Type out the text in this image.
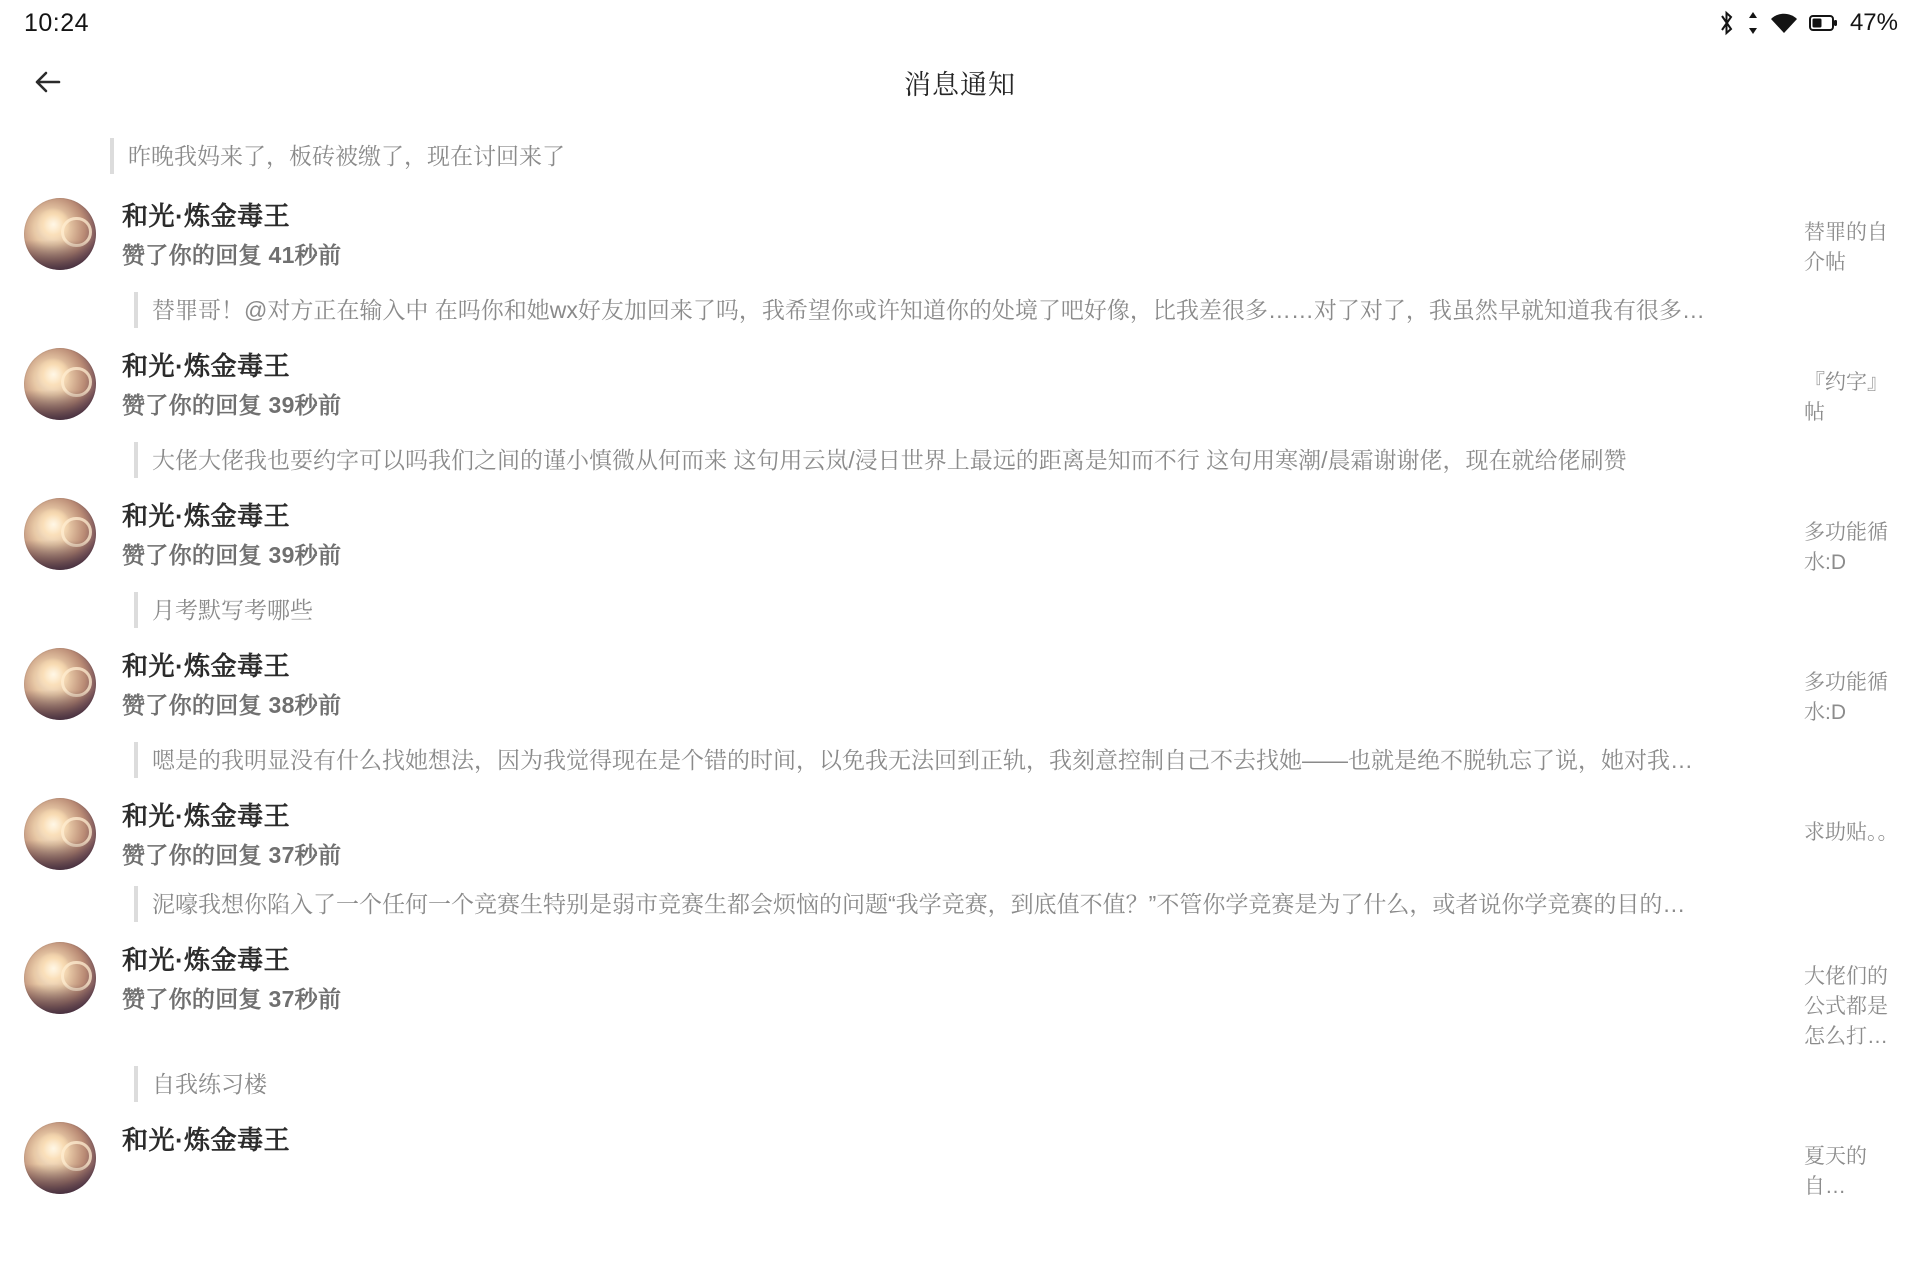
10:24	47%
消息通知
昨晚我妈来了，板砖被缴了，现在讨回来了
和光·炼金毒王
赞了你的回复 41秒前
替罪的自介帖
替罪哥！@对方正在输入中 在吗你和她wx好友加回来了吗，我希望你或许知道你的处境了吧好像，比我差很多……对了对了，我虽然早就知道我有很多…
和光·炼金毒王
赞了你的回复 39秒前
『约字』帖
大佬大佬我也要约字可以吗我们之间的谨小慎微从何而来 这句用云岚/浸日世界上最远的距离是知而不行 这句用寒潮/晨霜谢谢佬，现在就给佬刷赞
和光·炼金毒王
赞了你的回复 39秒前
多功能循水:D
月考默写考哪些
和光·炼金毒王
赞了你的回复 38秒前
多功能循水:D
嗯是的我明显没有什么找她想法，因为我觉得现在是个错的时间，以免我无法回到正轨，我刻意控制自己不去找她——也就是绝不脱轨忘了说，她对我…
和光·炼金毒王
赞了你的回复 37秒前
求助贴。。
泥嚎我想你陷入了一个任何一个竞赛生特别是弱市竞赛生都会烦恼的问题“我学竞赛，到底值不值？”不管你学竞赛是为了什么，或者说你学竞赛的目的…
和光·炼金毒王
赞了你的回复 37秒前
大佬们的公式都是怎么打…
自我练习楼
和光·炼金毒王
夏天的自…
